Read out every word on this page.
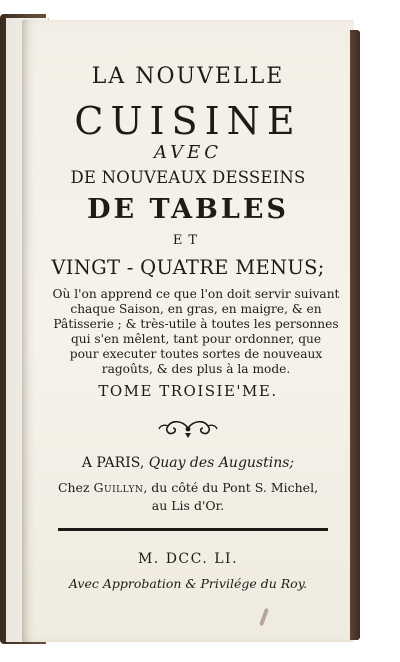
LA NOUVELLE
CUISINE
AVEC
DE NOUVEAUX DESSEINS
DE TABLES
ET
VINGT - QUATRE MENUS;
Où l'on apprend ce que l'on doit servir suivant
chaque Saison, en gras, en maigre, & en
Pâtisserie ; & très-utile à toutes les personnes
qui s'en mêlent, tant pour ordonner, que
pour executer toutes sortes de nouveaux
ragoûts, & des plus à la mode.
TOME TROISIE'ME.
A PARIS, Quay des Augustins;
Chez Guillyn, du côté du Pont S. Michel,
au Lis d'Or.
M. DCC. LI.
Avec Approbation & Privilége du Roy.
